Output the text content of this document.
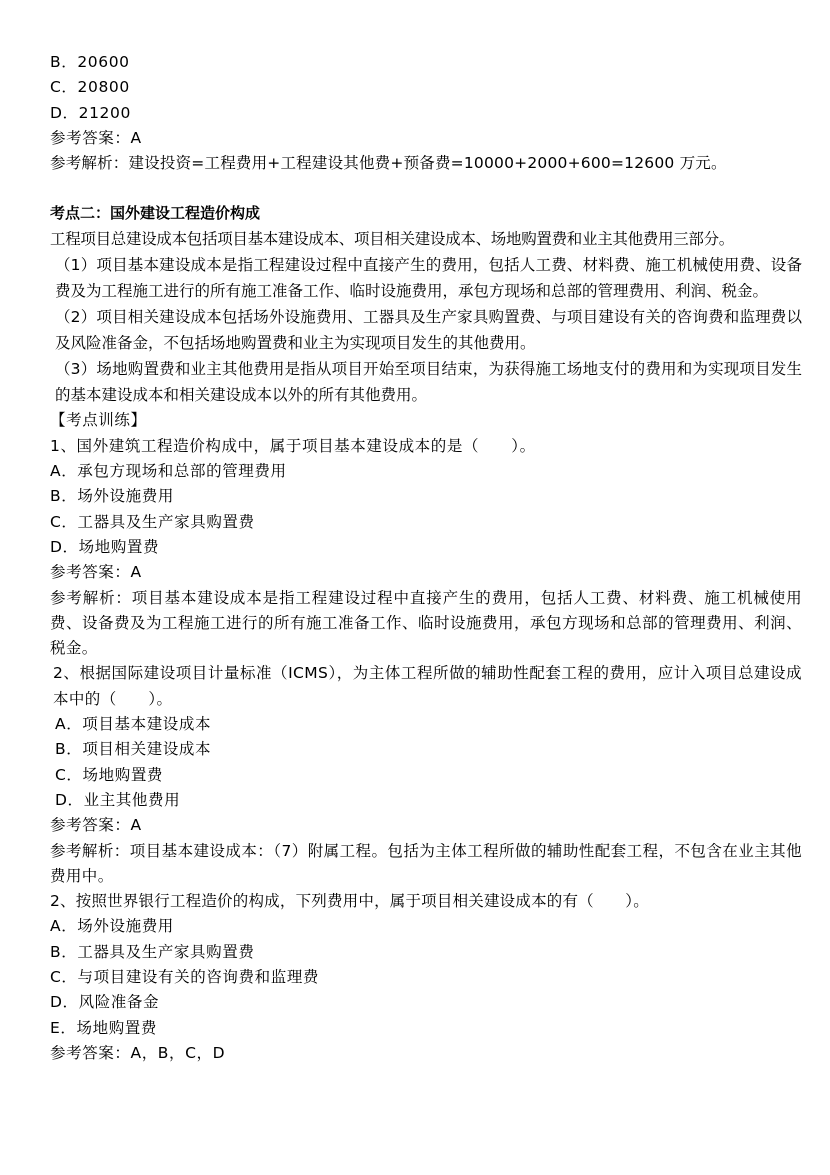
B．20600

C．20800

D．21200

参考答案：A

参考解析：建设投资=工程费用+工程建设其他费+预备费=10000+2000+600=12600 万元。

考点二：国外建设工程造价构成

工程项目总建设成本包括项目基本建设成本、项目相关建设成本、场地购置费和业主其他费用三部分。

（1）项目基本建设成本是指工程建设过程中直接产生的费用，包括人工费、材料费、施工机械使用费、设备费及为工程施工进行的所有施工准备工作、临时设施费用，承包方现场和总部的管理费用、利润、税金。

（2）项目相关建设成本包括场外设施费用、工器具及生产家具购置费、与项目建设有关的咨询费和监理费以及风险准备金，不包括场地购置费和业主为实现项目发生的其他费用。

（3）场地购置费和业主其他费用是指从项目开始至项目结束，为获得施工场地支付的费用和为实现项目发生的基本建设成本和相关建设成本以外的所有其他费用。

【考点训练】

1、国外建筑工程造价构成中，属于项目基本建设成本的是（　　）。

A．承包方现场和总部的管理费用

B．场外设施费用

C．工器具及生产家具购置费

D．场地购置费

参考答案：A

参考解析：项目基本建设成本是指工程建设过程中直接产生的费用，包括人工费、材料费、施工机械使用费、设备费及为工程施工进行的所有施工准备工作、临时设施费用，承包方现场和总部的管理费用、利润、税金。

2、根据国际建设项目计量标准（ICMS），为主体工程所做的辅助性配套工程的费用，应计入项目总建设成本中的（　　）。

A．项目基本建设成本

B．项目相关建设成本

C．场地购置费

D．业主其他费用

参考答案：A

参考解析：项目基本建设成本：（7）附属工程。包括为主体工程所做的辅助性配套工程，不包含在业主其他费用中。

2、按照世界银行工程造价的构成，下列费用中，属于项目相关建设成本的有（　　）。

A．场外设施费用

B．工器具及生产家具购置费

C．与项目建设有关的咨询费和监理费

D．风险准备金

E．场地购置费

参考答案：A，B，C，D
